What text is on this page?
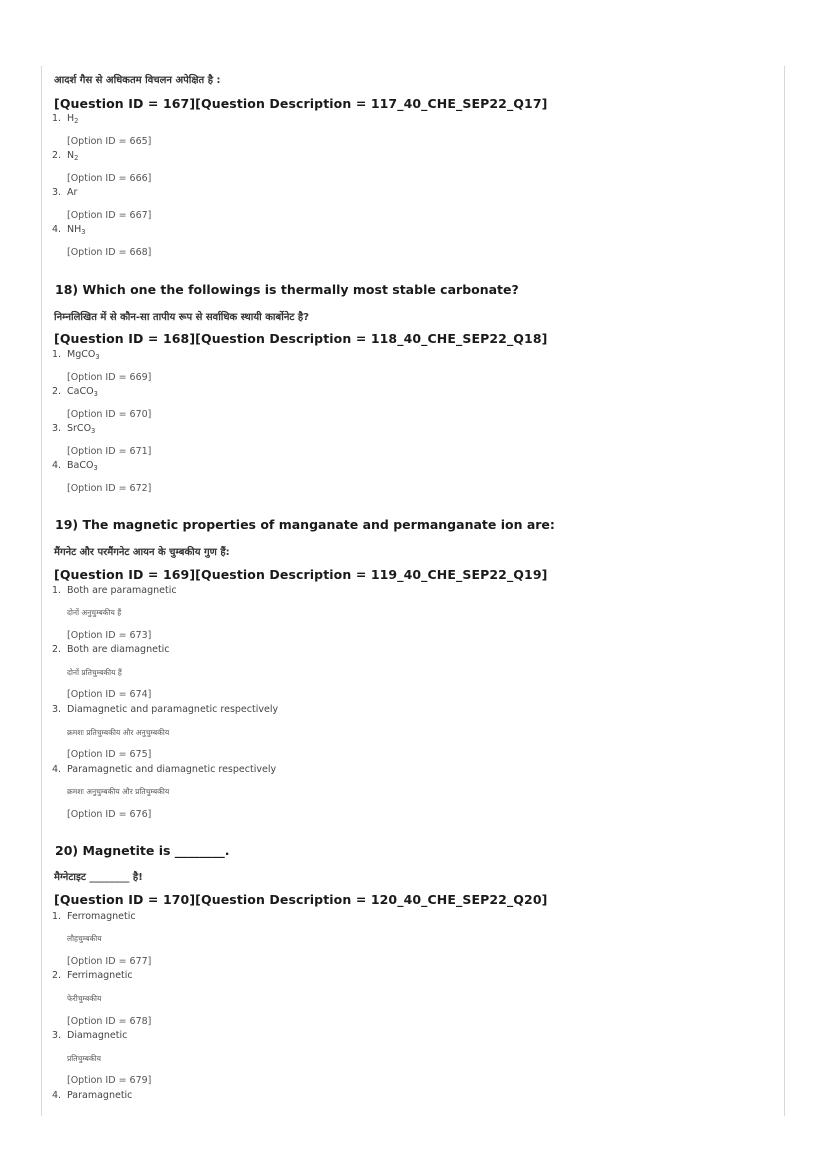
आदर्श गैस से अधिकतम विचलन अपेक्षित है :
[Question ID = 167][Question Description = 117_40_CHE_SEP22_Q17]
1. $H_2$
[Option ID = 665]
2. $N_2$
[Option ID = 666]
3. Ar
[Option ID = 667]
4. $NH_3$
[Option ID = 668]
18) Which one the followings is thermally most stable carbonate?
निम्नलिखित में से कौन-सा तापीय रूप से सर्वाधिक स्थायी कार्बोनेट है?
[Question ID = 168][Question Description = 118_40_CHE_SEP22_Q18]
1. MgCO$_3$
[Option ID = 669]
2. CaCO$_3$
[Option ID = 670]
3. SrCO$_3$
[Option ID = 671]
4. BaCO$_3$
[Option ID = 672]
19) The magnetic properties of manganate and permanganate ion are:
मैंगनेट और परमैंगनेट आयन के चुम्बकीय गुण हैं:
[Question ID = 169][Question Description = 119_40_CHE_SEP22_Q19]
1. Both are paramagnetic
दोनों अनुचुम्बकीय हैं
[Option ID = 673]
2. Both are diamagnetic
दोनों प्रतिचुम्बकीय हैं
[Option ID = 674]
3. Diamagnetic and paramagnetic respectively
क्रमशः प्रतिचुम्बकीय और अनुचुम्बकीय
[Option ID = 675]
4. Paramagnetic and diamagnetic respectively
क्रमशः अनुचुम्बकीय और प्रतिचुम्बकीय
[Option ID = 676]
20) Magnetite is ________.
मैग्नेटाइट ________ है!
[Question ID = 170][Question Description = 120_40_CHE_SEP22_Q20]
1. Ferromagnetic
लौहचुम्बकीय
[Option ID = 677]
2. Ferrimagnetic
फेरीचुम्बकीय
[Option ID = 678]
3. Diamagnetic
प्रतिचुम्बकीय
[Option ID = 679]
4. Paramagnetic
